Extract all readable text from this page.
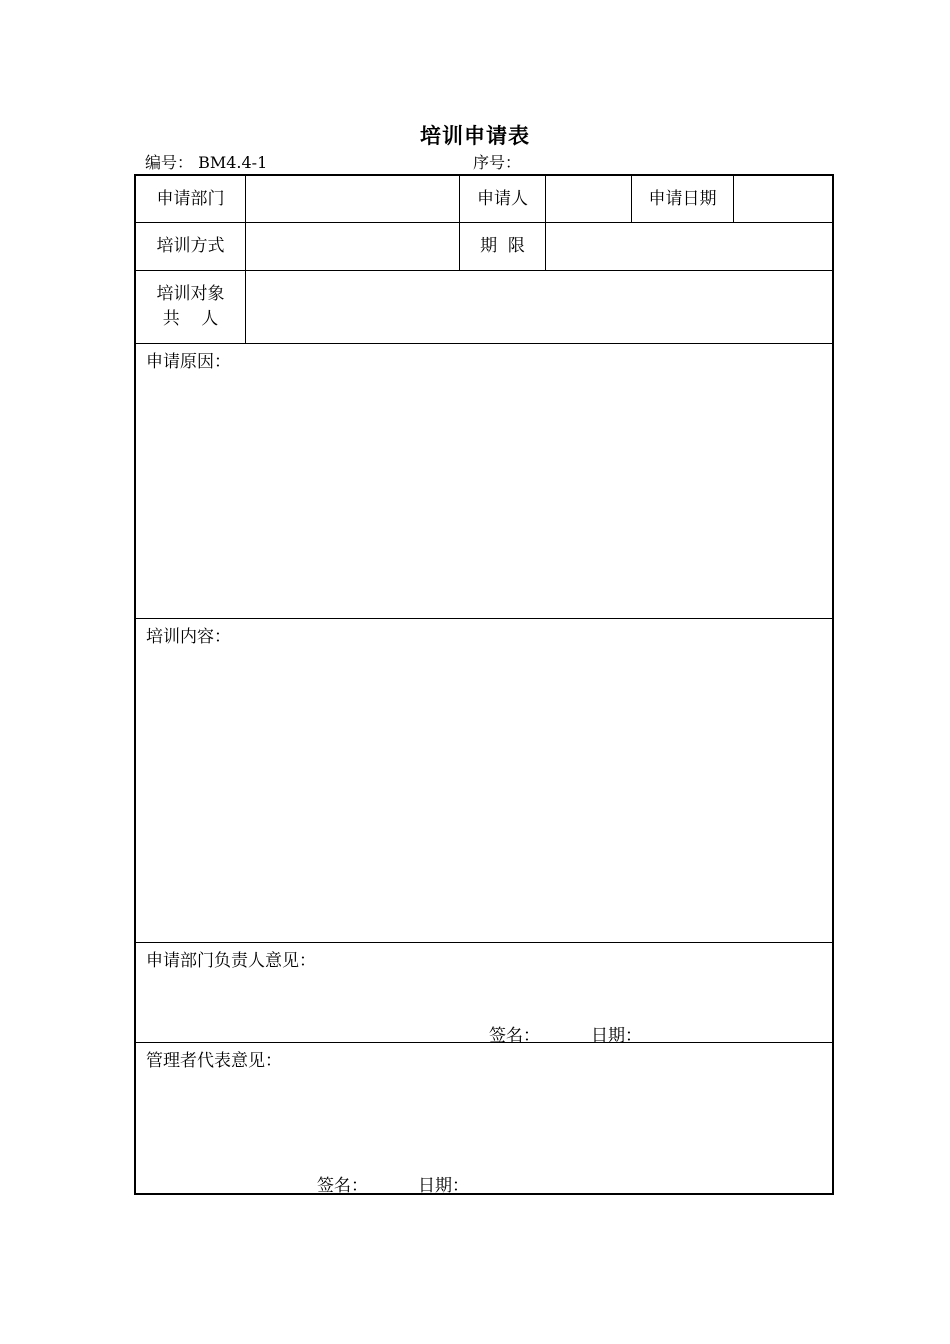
培训申请表
编号： BM4.4-1	序号：
申请部门	申请人	申请日期
培训方式	期  限
培训对象
共    人
申请原因：
培训内容：
申请部门负责人意见：
签名：	日期：
管理者代表意见：
签名：	日期：
